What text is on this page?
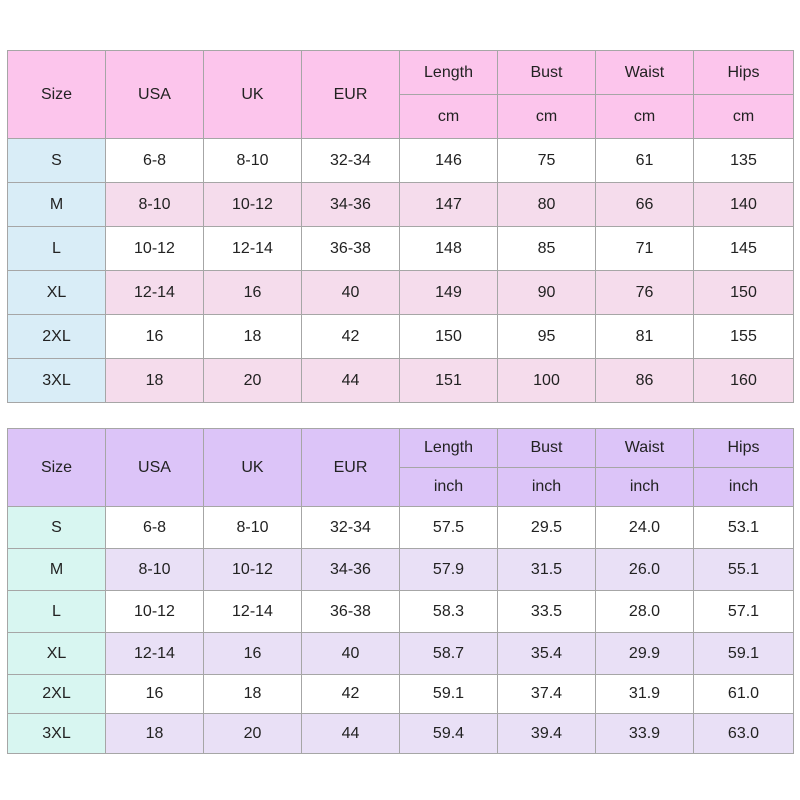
Size	USA	UK	EUR	Length	Bust	Waist	Hips
				cm	cm	cm	cm
S	6-8	8-10	32-34	146	75	61	135
M	8-10	10-12	34-36	147	80	66	140
L	10-12	12-14	36-38	148	85	71	145
XL	12-14	16	40	149	90	76	150
2XL	16	18	42	150	95	81	155
3XL	18	20	44	151	100	86	160
Size	USA	UK	EUR	Length	Bust	Waist	Hips
				inch	inch	inch	inch
S	6-8	8-10	32-34	57.5	29.5	24.0	53.1
M	8-10	10-12	34-36	57.9	31.5	26.0	55.1
L	10-12	12-14	36-38	58.3	33.5	28.0	57.1
XL	12-14	16	40	58.7	35.4	29.9	59.1
2XL	16	18	42	59.1	37.4	31.9	61.0
3XL	18	20	44	59.4	39.4	33.9	63.0
